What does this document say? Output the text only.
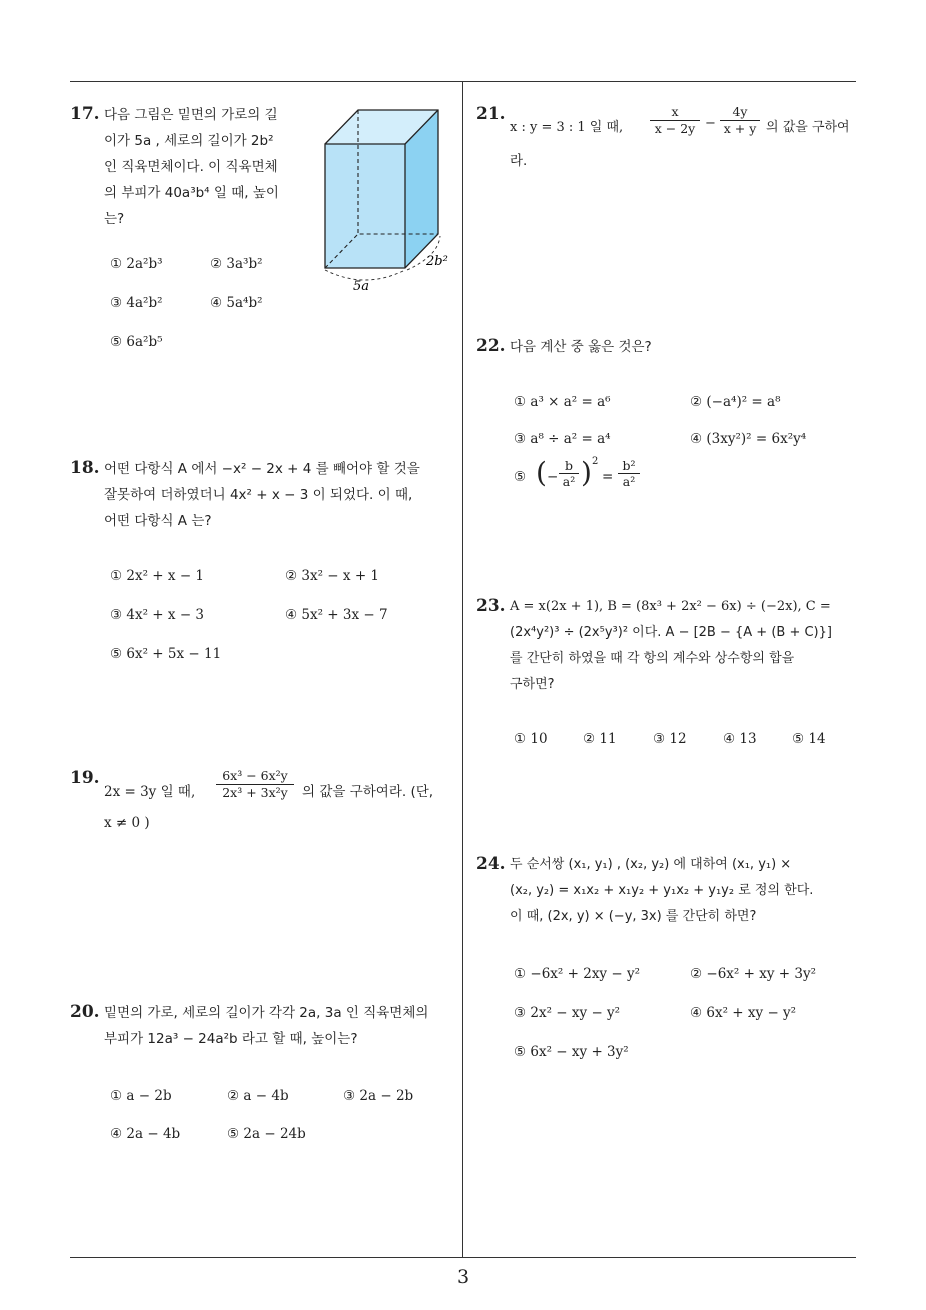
3
17. 다음 그림은 밑면의 가로의 길
이가 5a , 세로의 길이가 2b²
인 직육면체이다. 이 직육면체
의 부피가 40a³b⁴ 일 때, 높이
는?
5a
2b²
① 2a²b³	② 3a³b²
③ 4a²b²	④ 5a⁴b²
⑤ 6a²b⁵
18. 어떤 다항식 A 에서 −x² − 2x + 4 를 빼어야 할 것을
잘못하여 더하였더니 4x² + x − 3 이 되었다. 이 때,
어떤 다항식 A 는?
① 2x² + x − 1	② 3x² − x + 1
③ 4x² + x − 3	④ 5x² + 3x − 7
⑤ 6x² + 5x − 11
19.
2x = 3y 일 때, $\frac{\text{6x³ − 6x²y}}{\text{2x³ + 3x²y}}$ 의 값을 구하여라. (단,
x ≠ 0 )
20. 밑면의 가로, 세로의 길이가 각각 2a, 3a 인 직육면체의
부피가 12a³ − 24a²b 라고 할 때, 높이는?
① a − 2b	② a − 4b	③ 2a − 2b
④ 2a − 4b	⑤ 2a − 24b
21.
x : y = 3 : 1 일 때, $\frac{x}{x - 2y} - \frac{4y}{x + y}$ 의 값을 구하여
라.
22. 다음 계산 중 옳은 것은?
① a³ × a² = a⁶	② (−a⁴)² = a⁸
③ a⁸ ÷ a² = a⁴	④ (3xy²)² = 6x²y⁴
⑤ ( − $\frac{b}{\text{a²}}$ ) 2
= $\frac{\text{b²}}{\text{a²}}$
23. A = x(2x + 1), B = (8x³ + 2x² − 6x) ÷ (−2x), C =
(2x⁴y²)³ ÷ (2x⁵y³)² 이다. A − [2B − {A + (B + C)}]
를 간단히 하였을 때 각 항의 계수와 상수항의 합을
구하면?
① 10	② 11	③ 12	④ 13	⑤ 14
24. 두 순서쌍 (x₁, y₁) , (x₂, y₂) 에 대하여 (x₁, y₁) ×
(x₂, y₂) = x₁x₂ + x₁y₂ + y₁x₂ + y₁y₂ 로 정의 한다.
이 때, (2x, y) × (−y, 3x) 를 간단히 하면?
① −6x² + 2xy − y²	② −6x² + xy + 3y²
③ 2x² − xy − y²	④ 6x² + xy − y²
⑤ 6x² − xy + 3y²
